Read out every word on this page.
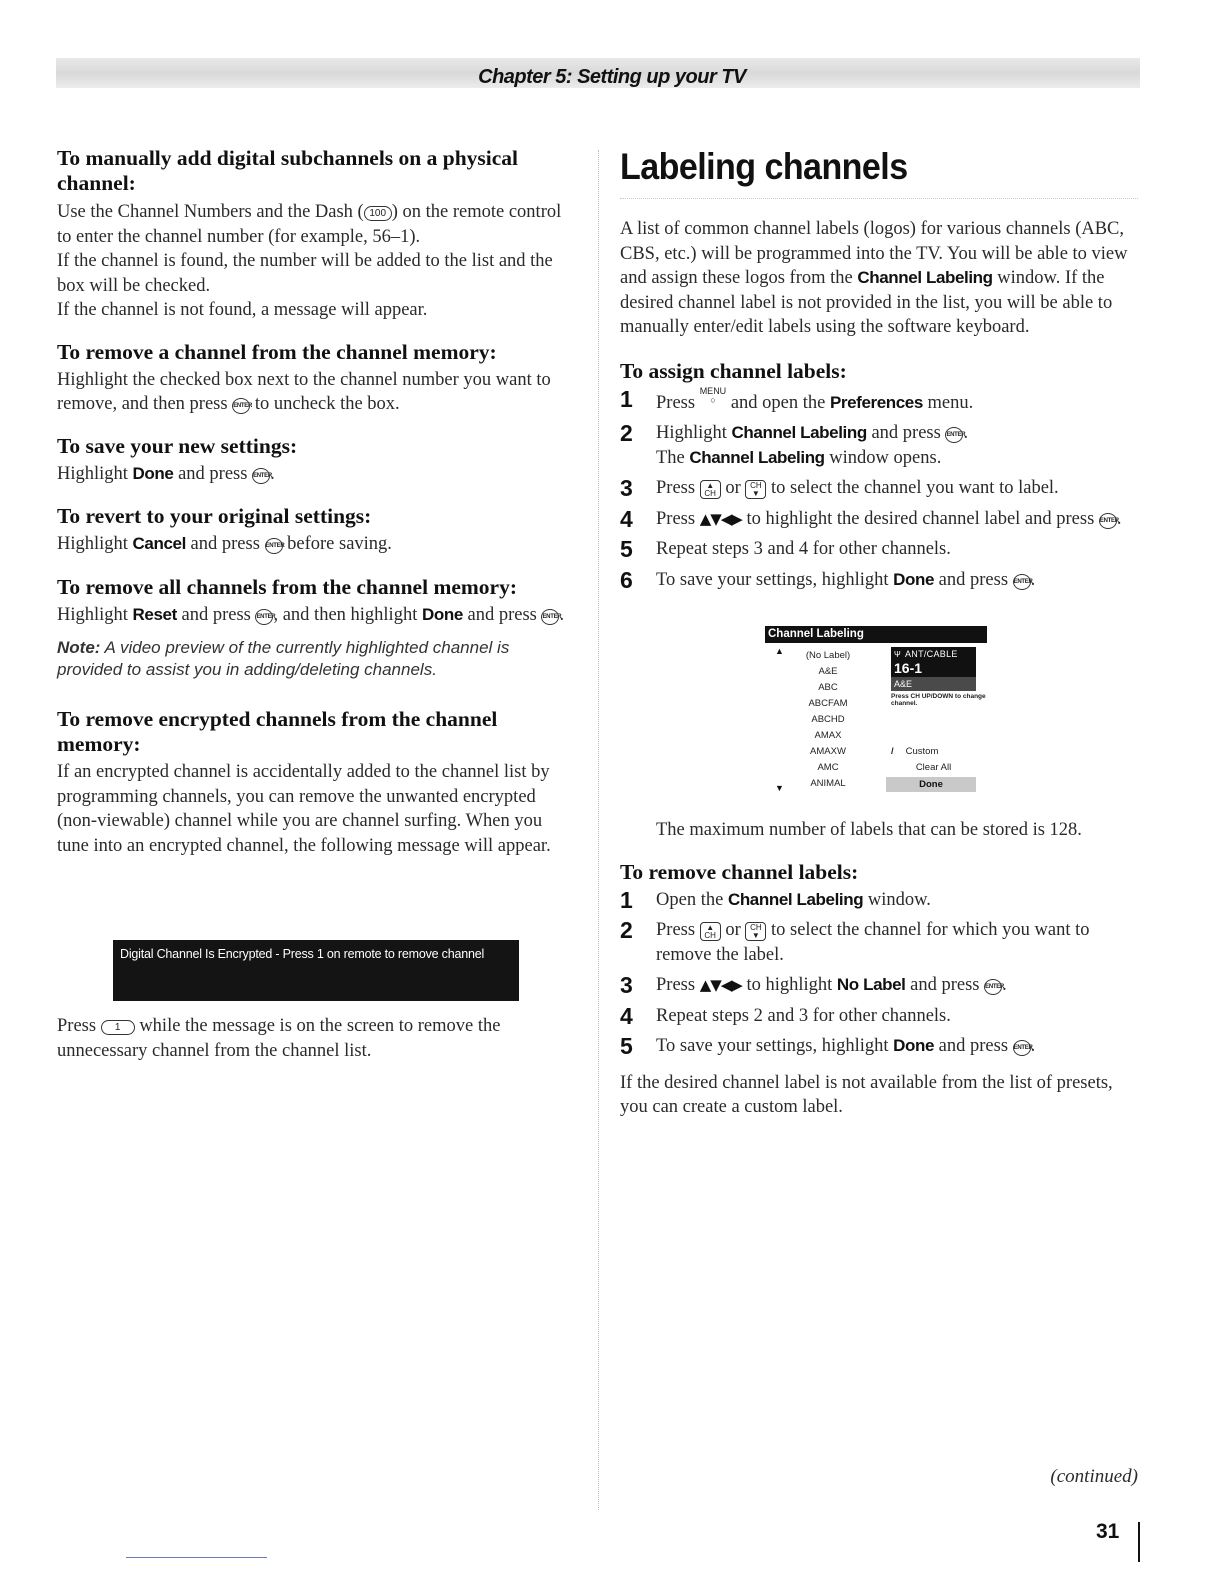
Chapter 5: Setting up your TV
To manually add digital subchannels on a physical channel:

Use the Channel Numbers and the Dash ( 100 ) on the remote control to enter the channel number (for example, 56–1).
If the channel is found, the number will be added to the list and the box will be checked.
If the channel is not found, a message will appear.

To remove a channel from the channel memory:

Highlight the checked box next to the channel number you want to remove, and then press ENTER to uncheck the box.

To save your new settings:

Highlight Done and press ENTER.

To revert to your original settings:

Highlight Cancel and press ENTER before saving.

To remove all channels from the channel memory:

Highlight Reset and press ENTER, and then highlight Done and press ENTER.

Note: A video preview of the currently highlighted channel is provided to assist you in adding/deleting channels.

To remove encrypted channels from the channel memory:

If an encrypted channel is accidentally added to the channel list by programming channels, you can remove the unwanted encrypted (non-viewable) channel while you are channel surfing. When you tune into an encrypted channel, the following message will appear.

Digital Channel Is Encrypted - Press 1 on remote to remove channel

Press 1 while the message is on the screen to remove the unnecessary channel from the channel list.

Labeling channels

A list of common channel labels (logos) for various channels (ABC, CBS, etc.) will be programmed into the TV. You will be able to view and assign these logos from the Channel Labeling window. If the desired channel label is not provided in the list, you will be able to manually enter/edit labels using the software keyboard.

To assign channel labels:
1 Press MENU
○ and open the Preferences menu.
2 Highlight Channel Labeling and press ENTER.
The Channel Labeling window opens.
3 Press ▲
CH or CH
▼ to select the channel you want to label.
4 Press ▲▼◀▶ to highlight the desired channel label and press ENTER.
5 Repeat steps 3 and 4 for other channels.
6 To save your settings, highlight Done and press ENTER.
Channel Labeling
▲	(No Label)
A&E
ABC
ABCFAM
ABCHD
AMAX
AMAXW
AMC
ANIMAL
▼
Ψ ANT/CABLE
16-1
A&E
Press CH UP/DOWN to change channel.
/ Custom
Clear All
Done

The maximum number of labels that can be stored is 128.

To remove channel labels:
1 Open the Channel Labeling window.
2 Press ▲
CH or CH
▼ to select the channel for which you want to remove the label.
3 Press ▲▼◀▶ to highlight No Label and press ENTER.
4 Repeat steps 2 and 3 for other channels.
5 To save your settings, highlight Done and press ENTER.

If the desired channel label is not available from the list of presets, you can create a custom label.

(continued)
31
